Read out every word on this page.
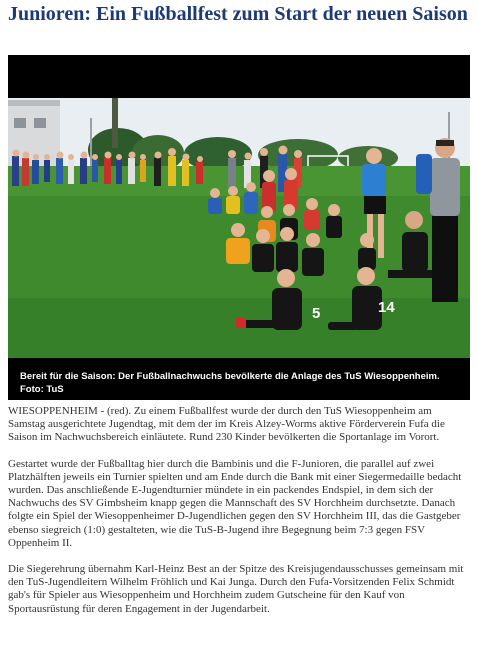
Junioren: Ein Fußballfest zum Start der neuen Saison
5	14
Bereit für die Saison: Der Fußballnachwuchs bevölkerte die Anlage des TuS Wiesoppenheim. Foto: TuS

WIESOPPENHEIM - (red). Zu einem Fußballfest wurde der durch den TuS Wiesoppenheim am Samstag ausgerichtete Jugendtag, mit dem der im Kreis Alzey-Worms aktive Förderverein Fufa die Saison im Nachwuchsbereich einläutete. Rund 230 Kinder bevölkerten die Sportanlage im Vorort.

Gestartet wurde der Fußballtag hier durch die Bambinis und die F-Junioren, die parallel auf zwei Platzhälften jeweils ein Turnier spielten und am Ende durch die Bank mit einer Siegermedaille bedacht wurden. Das anschließende E-Jugendturnier mündete in ein packendes Endspiel, in dem sich der Nachwuchs des SV Gimbsheim knapp gegen die Mannschaft des SV Horchheim durchsetzte. Danach folgte ein Spiel der Wiesoppenheimer D-Jugendlichen gegen den SV Horchheim III, das die Gastgeber ebenso siegreich (1:0) gestalteten, wie die TuS-B-Jugend ihre Begegnung beim 7:3 gegen FSV Oppenheim II.

Die Siegerehrung übernahm Karl-Heinz Best an der Spitze des Kreisjugendausschusses gemeinsam mit den TuS-Jugendleitern Wilhelm Fröhlich und Kai Junga. Durch den Fufa-Vorsitzenden Felix Schmidt gab's für Spieler aus Wiesoppenheim und Horchheim zudem Gutscheine für den Kauf von Sportausrüstung für deren Engagement in der Jugendarbeit.
